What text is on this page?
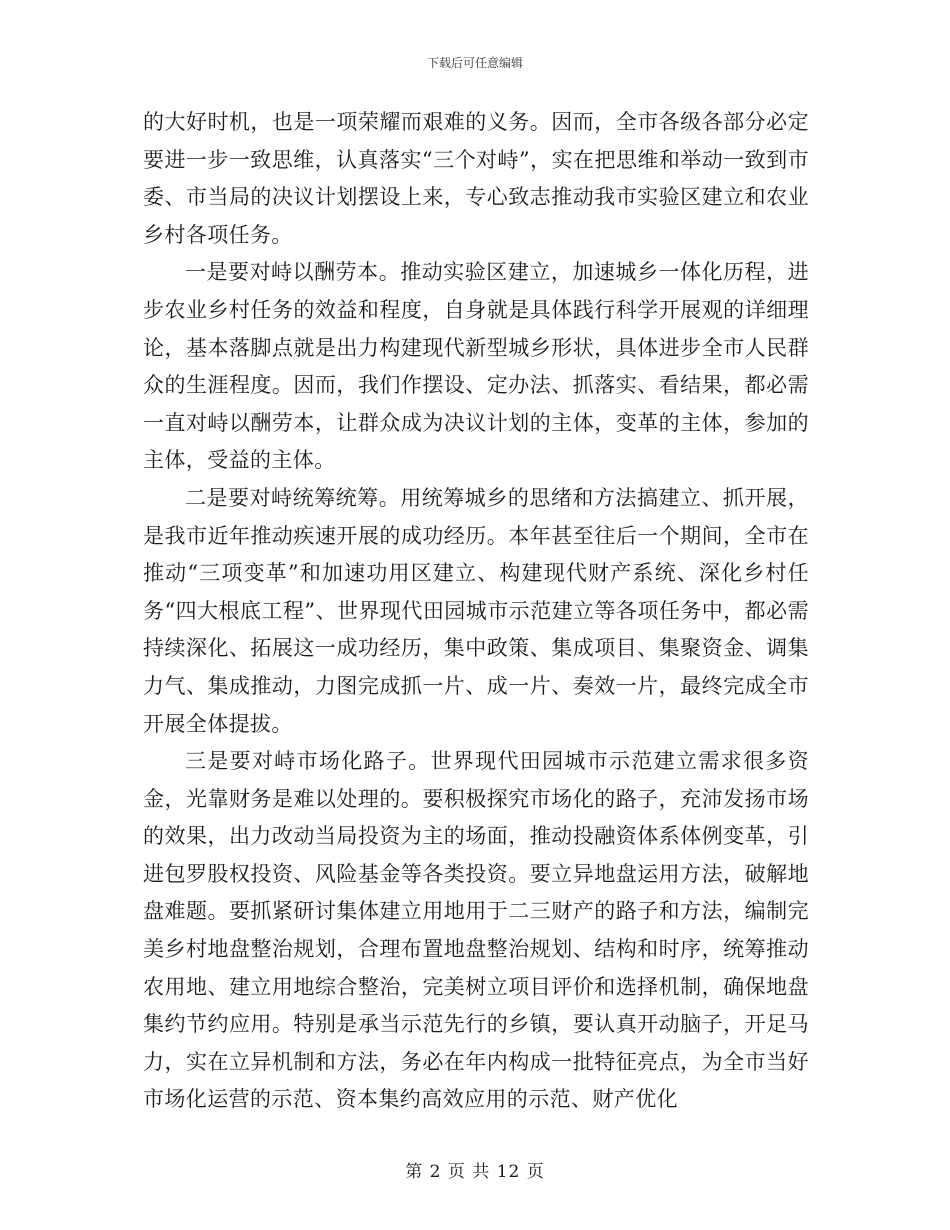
下载后可任意编辑

的大好时机，也是一项荣耀而艰难的义务。因而，全市各级各部分必定要进一步一致思维，认真落实“三个对峙”，实在把思维和举动一致到市委、市当局的决议计划摆设上来，专心致志推动我市实验区建立和农业乡村各项任务。

一是要对峙以酬劳本。推动实验区建立，加速城乡一体化历程，进步农业乡村任务的效益和程度，自身就是具体践行科学开展观的详细理论，基本落脚点就是出力构建现代新型城乡形状，具体进步全市人民群众的生涯程度。因而，我们作摆设、定办法、抓落实、看结果，都必需一直对峙以酬劳本，让群众成为决议计划的主体，变革的主体，参加的主体，受益的主体。

二是要对峙统筹统筹。用统筹城乡的思绪和方法搞建立、抓开展，是我市近年推动疾速开展的成功经历。本年甚至往后一个期间，全市在推动“三项变革”和加速功用区建立、构建现代财产系统、深化乡村任务“四大根底工程”、世界现代田园城市示范建立等各项任务中，都必需持续深化、拓展这一成功经历，集中政策、集成项目、集聚资金、调集力气、集成推动，力图完成抓一片、成一片、奏效一片，最终完成全市开展全体提拔。

三是要对峙市场化路子。世界现代田园城市示范建立需求很多资金，光靠财务是难以处理的。要积极探究市场化的路子，充沛发扬市场的效果，出力改动当局投资为主的场面，推动投融资体系体例变革，引进包罗股权投资、风险基金等各类投资。要立异地盘运用方法，破解地盘难题。要抓紧研讨集体建立用地用于二三财产的路子和方法，编制完美乡村地盘整治规划，合理布置地盘整治规划、结构和时序，统筹推动农用地、建立用地综合整治，完美树立项目评价和选择机制，确保地盘集约节约应用。特别是承当示范先行的乡镇，要认真开动脑子，开足马力，实在立异机制和方法，务必在年内构成一批特征亮点，为全市当好市场化运营的示范、资本集约高效应用的示范、财产优化

第 2 页 共 12 页
